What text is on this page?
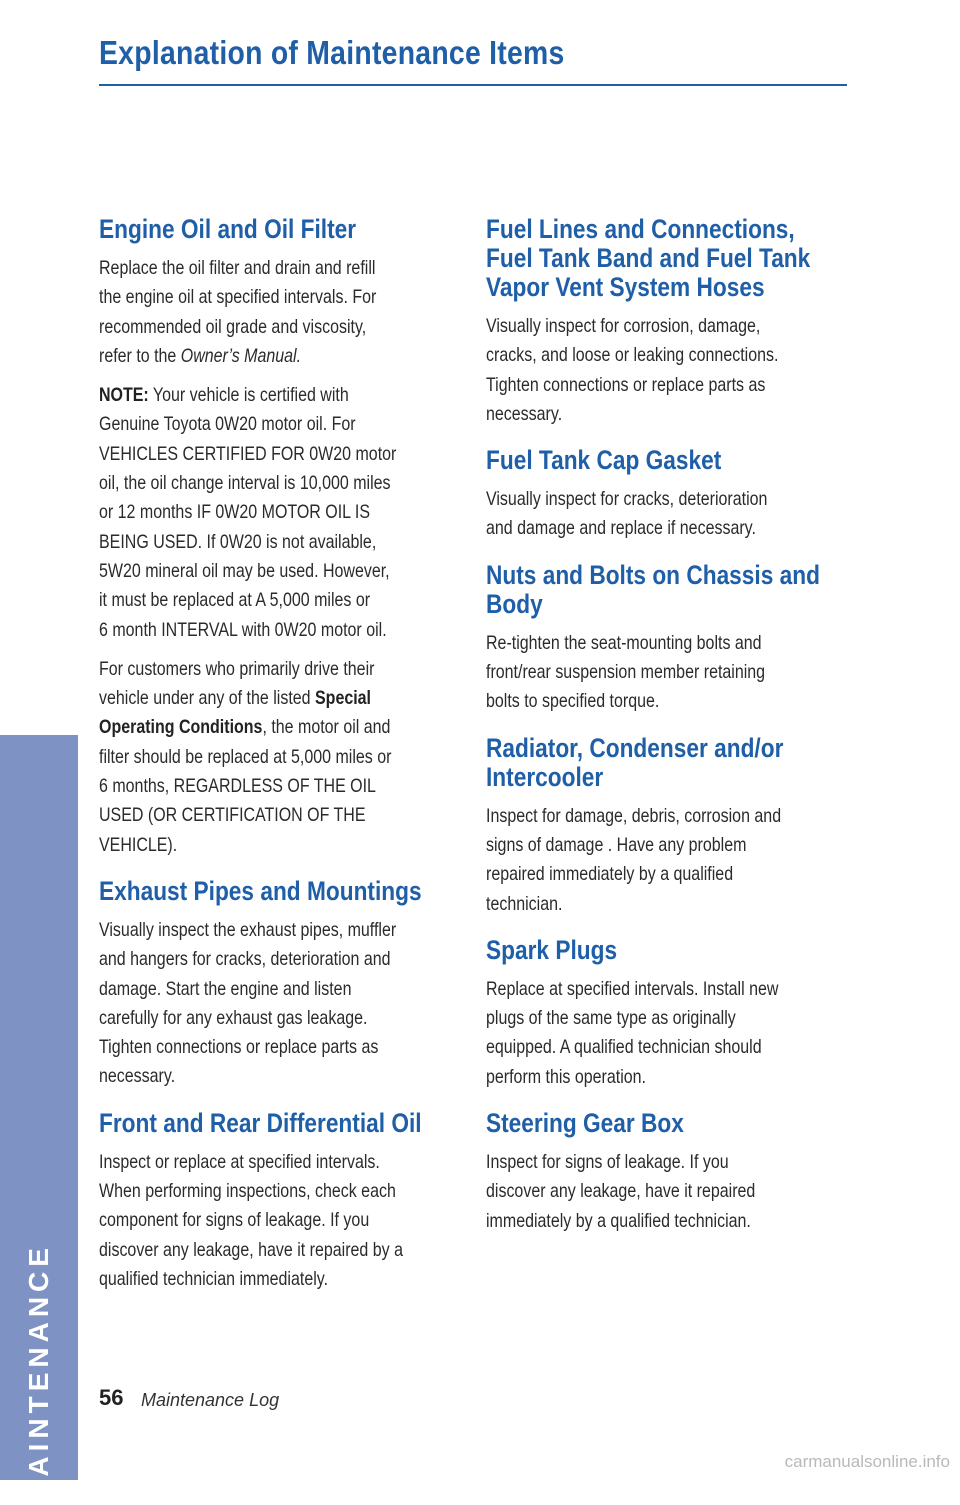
Explanation of Maintenance Items
MAINTENANCE
Engine Oil and Oil Filter

Replace the oil filter and drain and refill
the engine oil at specified intervals. For
recommended oil grade and viscosity,
refer to the Owner’s Manual.

NOTE: Your vehicle is certified with
Genuine Toyota 0W20 motor oil. For
VEHICLES CERTIFIED FOR 0W20 motor
oil, the oil change interval is 10,000 miles
or 12 months IF 0W20 MOTOR OIL IS
BEING USED. If 0W20 is not available,
5W20 mineral oil may be used. However,
it must be replaced at A 5,000 miles or
6 month INTERVAL with 0W20 motor oil.

For customers who primarily drive their
vehicle under any of the listed Special
Operating Conditions, the motor oil and
filter should be replaced at 5,000 miles or
6 months, REGARDLESS OF THE OIL
USED (OR CERTIFICATION OF THE
VEHICLE).

Exhaust Pipes and Mountings

Visually inspect the exhaust pipes, muffler
and hangers for cracks, deterioration and
damage. Start the engine and listen
carefully for any exhaust gas leakage.
Tighten connections or replace parts as
necessary.

Front and Rear Differential Oil

Inspect or replace at specified intervals.
When performing inspections, check each
component for signs of leakage. If you
discover any leakage, have it repaired by a
qualified technician immediately.

Fuel Lines and Connections,
Fuel Tank Band and Fuel Tank
Vapor Vent System Hoses

Visually inspect for corrosion, damage,
cracks, and loose or leaking connections.
Tighten connections or replace parts as
necessary.

Fuel Tank Cap Gasket

Visually inspect for cracks, deterioration
and damage and replace if necessary.

Nuts and Bolts on Chassis and
Body

Re-tighten the seat-mounting bolts and
front/rear suspension member retaining
bolts to specified torque.

Radiator, Condenser and/or
Intercooler

Inspect for damage, debris, corrosion and
signs of damage . Have any problem
repaired immediately by a qualified
technician.

Spark Plugs

Replace at specified intervals. Install new
plugs of the same type as originally
equipped. A qualified technician should
perform this operation.

Steering Gear Box

Inspect for signs of leakage. If you
discover any leakage, have it repaired
immediately by a qualified technician.

56 Maintenance Log
carmanualsonline.info
